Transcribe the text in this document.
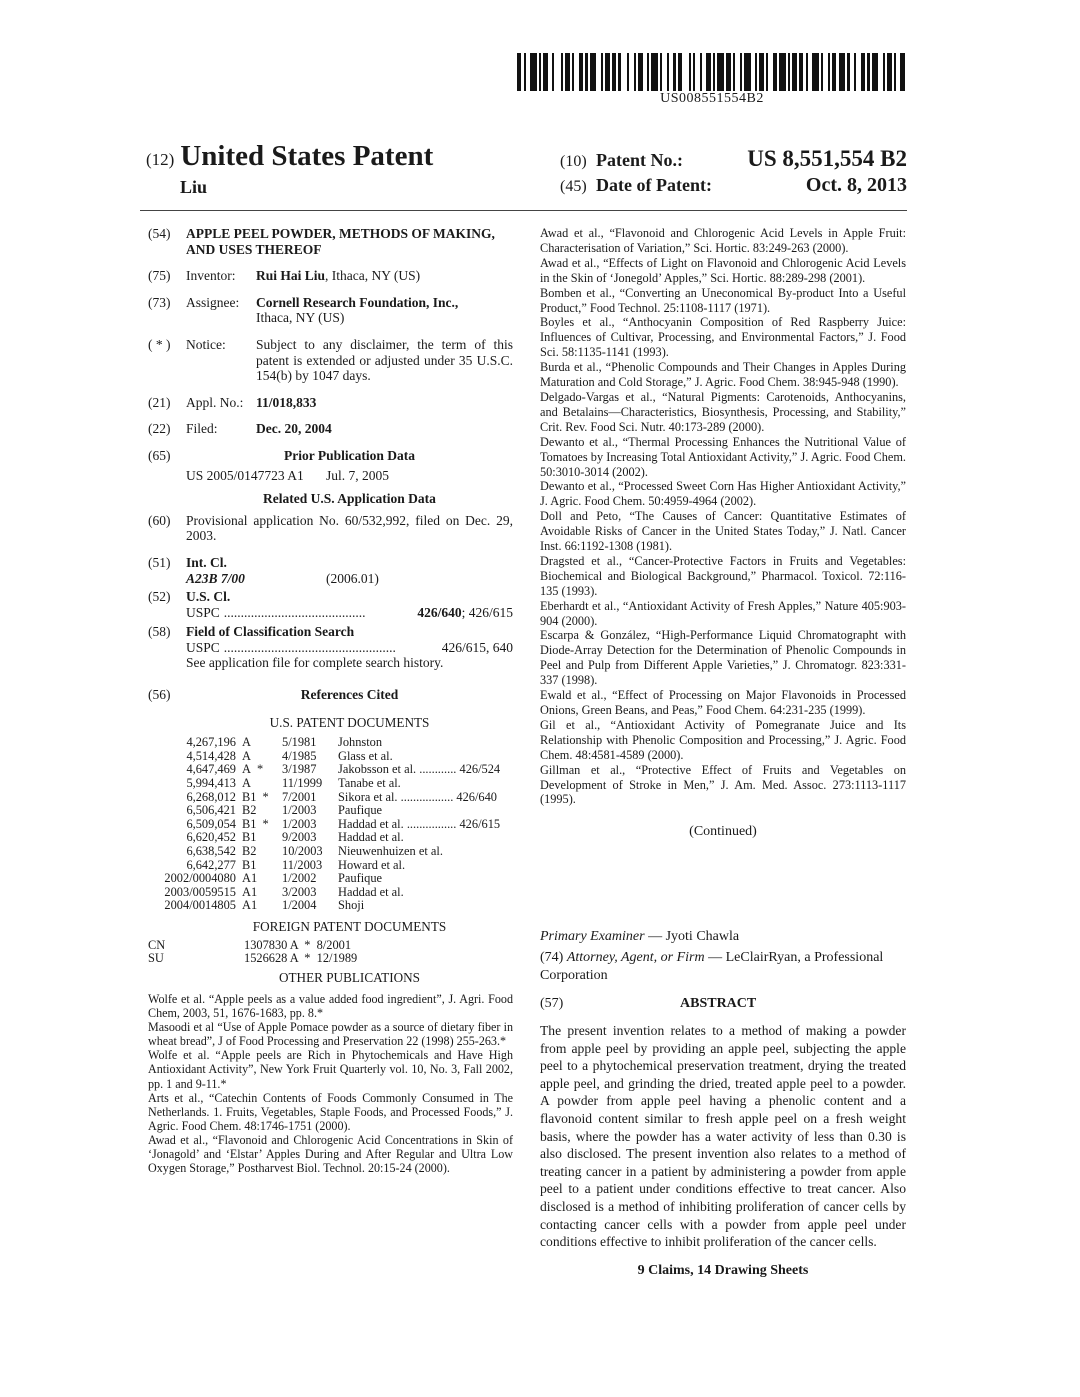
US008551554B2
(12) United States Patent
Liu
(10) Patent No.:	US 8,551,554 B2
(45) Date of Patent:	Oct. 8, 2013
(54)	APPLE PEEL POWDER, METHODS OF MAKING, AND USES THEREOF
(75)	Inventor:	Rui Hai Liu, Ithaca, NY (US)
(73)	Assignee:	Cornell Research Foundation, Inc.,
Ithaca, NY (US)
( * )	Notice:	Subject to any disclaimer, the term of this patent is extended or adjusted under 35 U.S.C. 154(b) by 1047 days.
(21)	Appl. No.: 11/018,833
(22)	Filed:	Dec. 20, 2004
(65)	Prior Publication Data
US 2005/0147723 A1	Jul. 7, 2005
Related U.S. Application Data
(60)	Provisional application No. 60/532,992, filed on Dec. 29, 2003.
(51)	Int. Cl.
A23B 7/00	(2006.01)
(52)	U.S. Cl.
USPC ..........................................	426/640 ; 426/615
(58)	Field of Classification Search
USPC ...................................................	426/615, 640
See application file for complete search history.
(56)	References Cited
U.S. PATENT DOCUMENTS
4,267,196 A	5/1981	Johnston
4,514,428 A	4/1985	Glass et al.
4,647,469 A *	3/1987	Jakobsson et al. ............ 426/524
5,994,413 A	11/1999	Tanabe et al.
6,268,012 B1 *	7/2001	Sikora et al. ................. 426/640
6,506,421 B2	1/2003	Paufique
6,509,054 B1 *	1/2003	Haddad et al. ................ 426/615
6,620,452 B1	9/2003	Haddad et al.
6,638,542 B2	10/2003	Nieuwenhuizen et al.
6,642,277 B1	11/2003	Howard et al.
2002/0004080 A1	1/2002	Paufique
2003/0059515 A1	3/2003	Haddad et al.
2004/0014805 A1	1/2004	Shoji
FOREIGN PATENT DOCUMENTS
CN	1307830 A  *  8/2001
SU	1526628 A  *  12/1989
OTHER PUBLICATIONS
Wolfe et al. “Apple peels as a value added food ingredient”, J. Agri. Food Chem, 2003, 51, 1676-1683, pp. 8.*
Masoodi et al “Use of Apple Pomace powder as a source of dietary fiber in wheat bread”, J of Food Processing and Preservation 22 (1998) 255-263.*
Wolfe et al. “Apple peels are Rich in Phytochemicals and Have High Antioxidant Activity”, New York Fruit Quarterly vol. 10, No. 3, Fall 2002, pp. 1 and 9-11.*
Arts et al., “Catechin Contents of Foods Commonly Consumed in The Netherlands. 1. Fruits, Vegetables, Staple Foods, and Processed Foods,” J. Agric. Food Chem. 48:1746-1751 (2000).
Awad et al., “Flavonoid and Chlorogenic Acid Concentrations in Skin of ‘Jonagold’ and ‘Elstar’ Apples During and After Regular and Ultra Low Oxygen Storage,” Postharvest Biol. Technol. 20:15-24 (2000).
Awad et al., “Flavonoid and Chlorogenic Acid Levels in Apple Fruit: Characterisation of Variation,” Sci. Hortic. 83:249-263 (2000).
Awad et al., “Effects of Light on Flavonoid and Chlorogenic Acid Levels in the Skin of ‘Jonegold’ Apples,” Sci. Hortic. 88:289-298 (2001).
Bomben et al., “Converting an Uneconomical By-product Into a Useful Product,” Food Technol. 25:1108-1117 (1971).
Boyles et al., “Anthocyanin Composition of Red Raspberry Juice: Influences of Cultivar, Processing, and Environmental Factors,” J. Food Sci. 58:1135-1141 (1993).
Burda et al., “Phenolic Compounds and Their Changes in Apples During Maturation and Cold Storage,” J. Agric. Food Chem. 38:945-948 (1990).
Delgado-Vargas et al., “Natural Pigments: Carotenoids, Anthocyanins, and Betalains—Characteristics, Biosynthesis, Processing, and Stability,” Crit. Rev. Food Sci. Nutr. 40:173-289 (2000).
Dewanto et al., “Thermal Processing Enhances the Nutritional Value of Tomatoes by Increasing Total Antioxidant Activity,” J. Agric. Food Chem. 50:3010-3014 (2002).
Dewanto et al., “Processed Sweet Corn Has Higher Antioxidant Activity,” J. Agric. Food Chem. 50:4959-4964 (2002).
Doll and Peto, “The Causes of Cancer: Quantitative Estimates of Avoidable Risks of Cancer in the United States Today,” J. Natl. Cancer Inst. 66:1192-1308 (1981).
Dragsted et al., “Cancer-Protective Factors in Fruits and Vegetables: Biochemical and Biological Background,” Pharmacol. Toxicol. 72:116-135 (1993).
Eberhardt et al., “Antioxidant Activity of Fresh Apples,” Nature 405:903-904 (2000).
Escarpa & González, “High-Performance Liquid Chromatographt with Diode-Array Detection for the Determination of Phenolic Compounds in Peel and Pulp from Different Apple Varieties,” J. Chromatogr. 823:331-337 (1998).
Ewald et al., “Effect of Processing on Major Flavonoids in Processed Onions, Green Beans, and Peas,” Food Chem. 64:231-235 (1999).
Gil et al., “Antioxidant Activity of Pomegranate Juice and Its Relationship with Phenolic Composition and Processing,” J. Agric. Food Chem. 48:4581-4589 (2000).
Gillman et al., “Protective Effect of Fruits and Vegetables on Development of Stroke in Men,” J. Am. Med. Assoc. 273:1113-1117 (1995).
(Continued)
Primary Examiner — Jyoti Chawla
(74) Attorney, Agent, or Firm — LeClairRyan, a Professional Corporation
(57)	ABSTRACT
The present invention relates to a method of making a powder from apple peel by providing an apple peel, subjecting the apple peel to a phytochemical preservation treatment, drying the treated apple peel, and grinding the dried, treated apple peel to a powder. A powder from apple peel having a phenolic content and a flavonoid content similar to fresh apple peel on a fresh weight basis, where the powder has a water activity of less than 0.30 is also disclosed. The present invention also relates to a method of treating cancer in a patient by administering a powder from apple peel to a patient under conditions effective to treat cancer. Also disclosed is a method of inhibiting proliferation of cancer cells by contacting cancer cells with a powder from apple peel under conditions effective to inhibit proliferation of the cancer cells.
9 Claims, 14 Drawing Sheets
